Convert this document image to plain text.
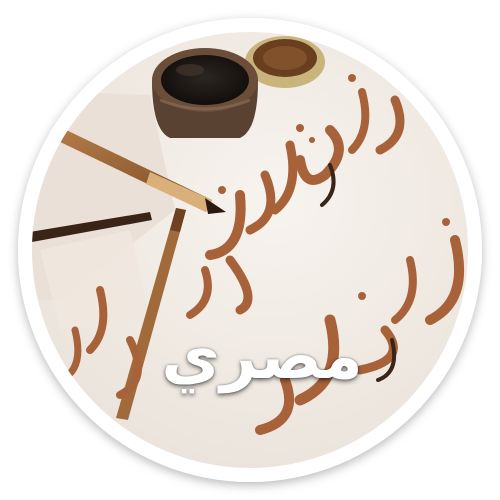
مصري
